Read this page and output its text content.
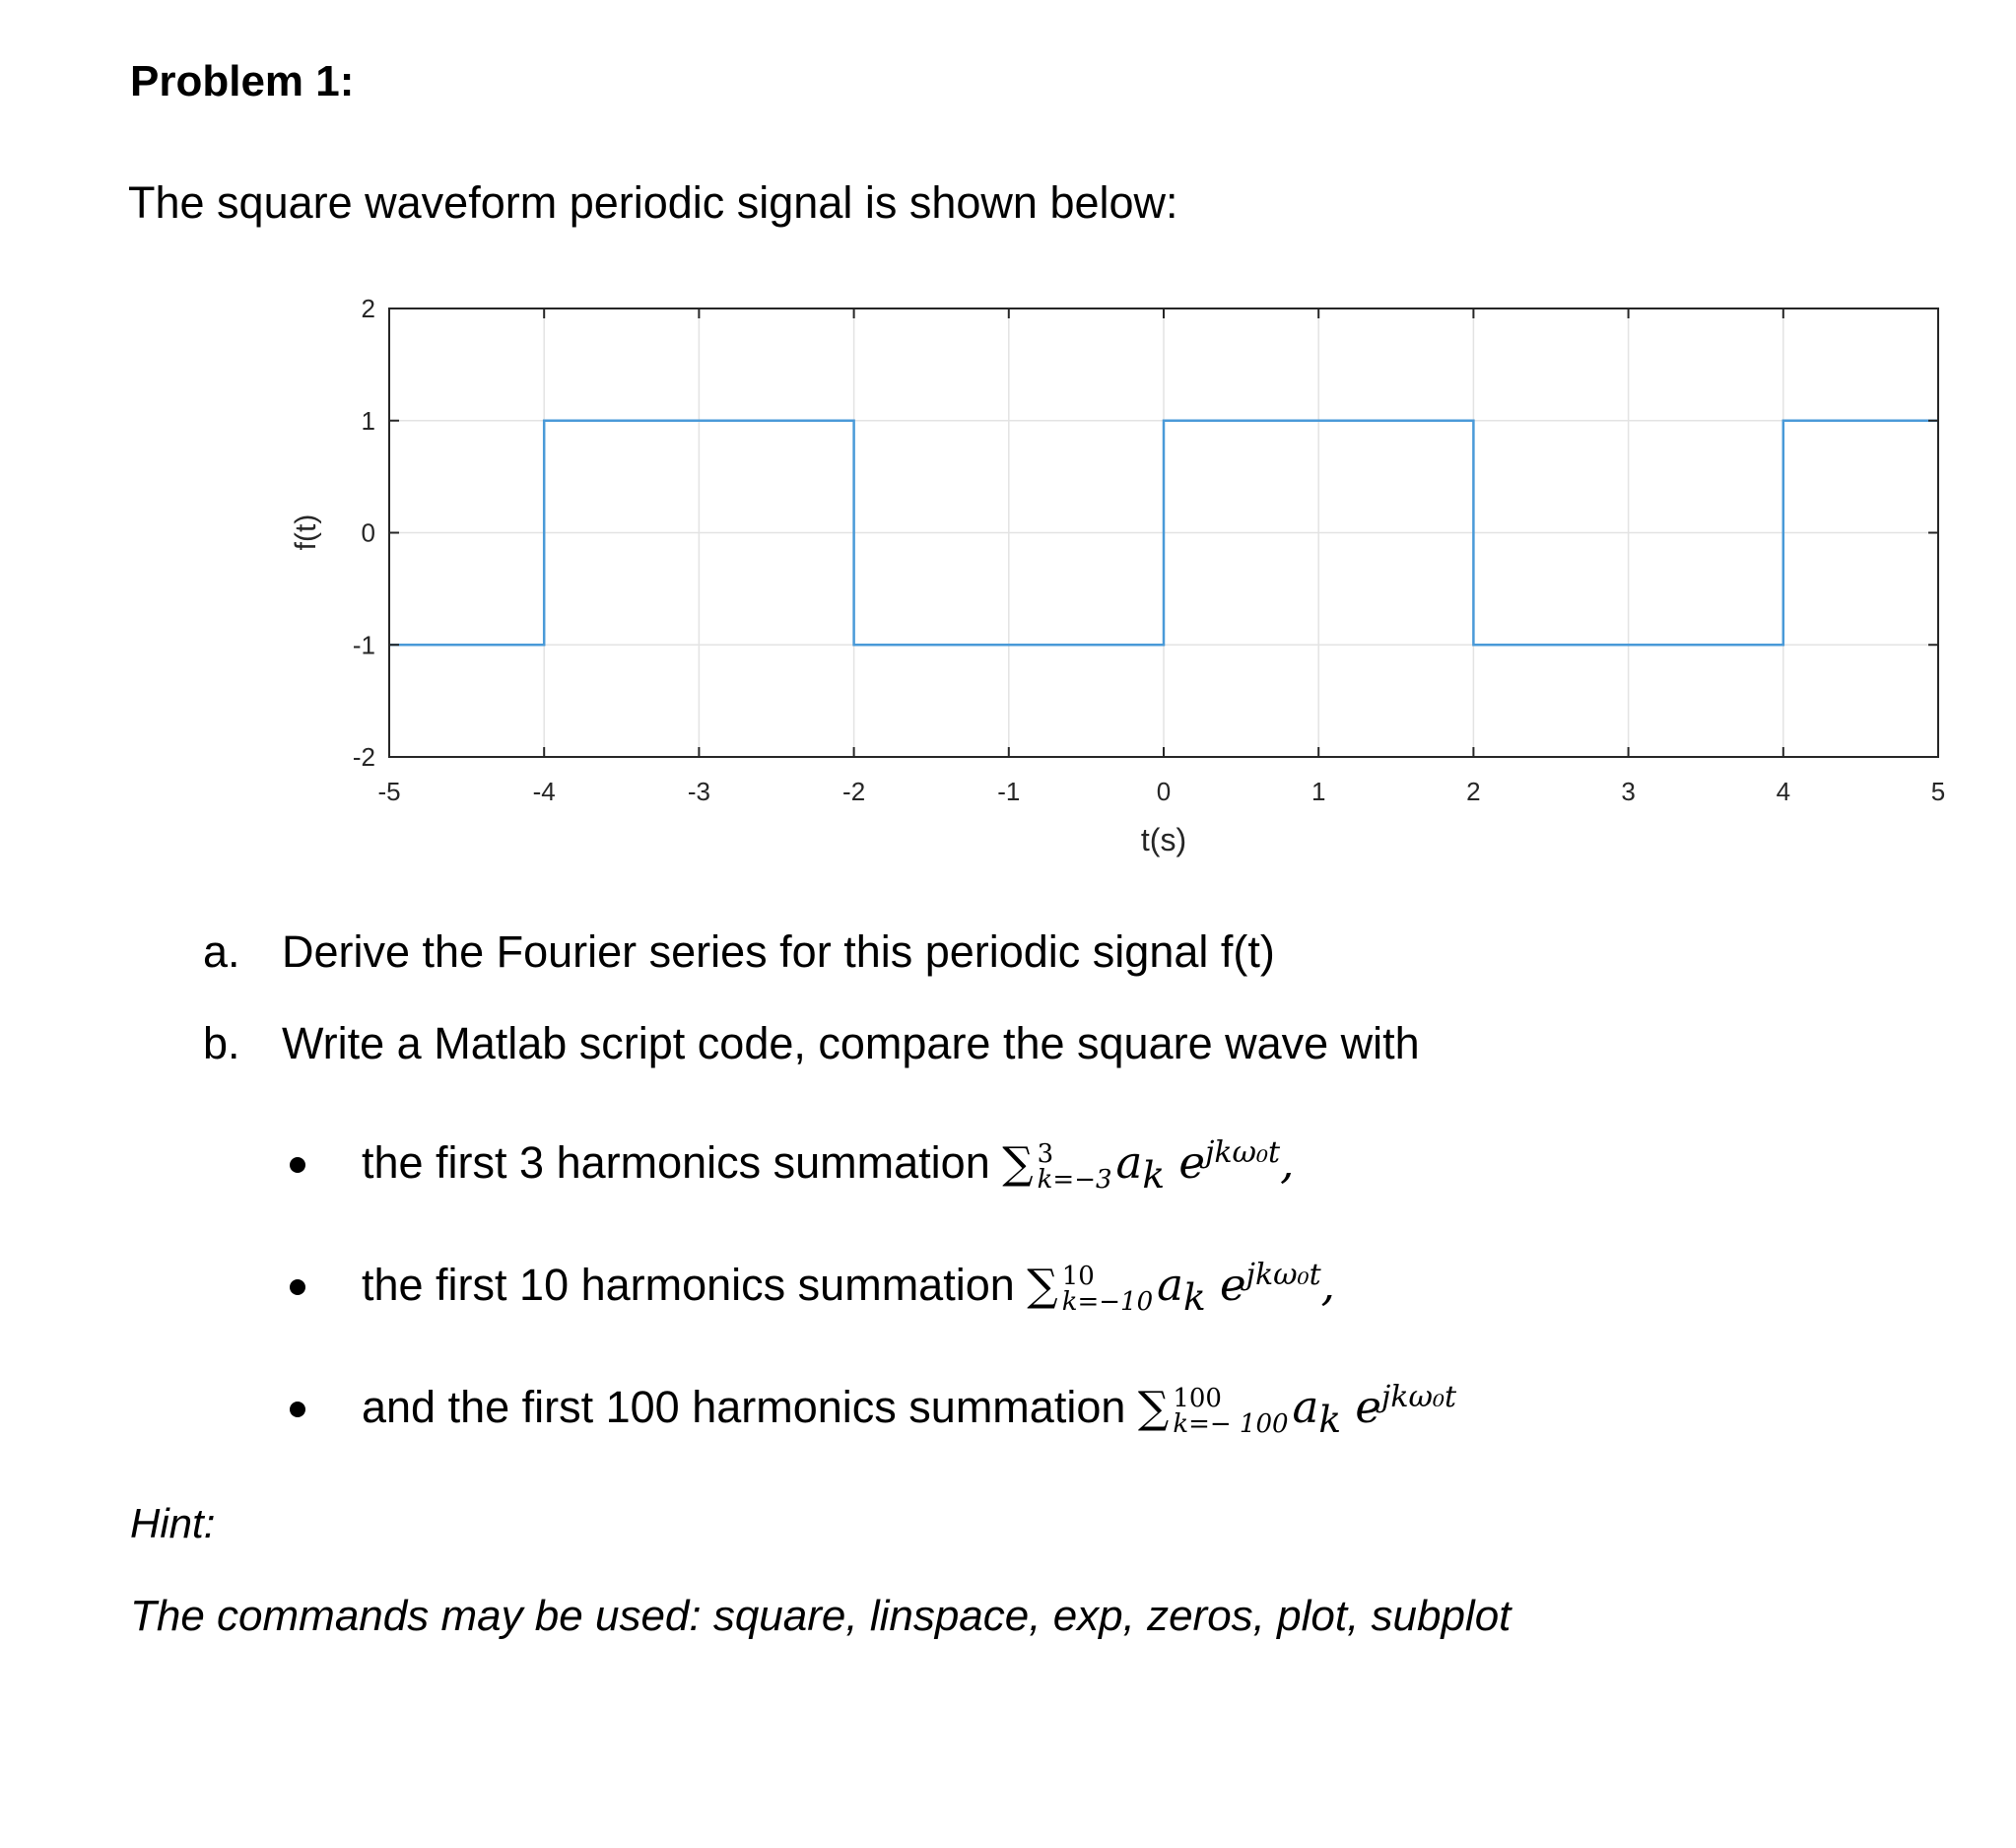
Problem 1:
The square waveform periodic signal is shown below:
-5	-4	-3	-2	-1	0	1	2	3	4	5
-2
-1
0
1
2
t(s)
f(t)
a. Derive the Fourier series for this periodic signal f(t)
b. Write a Matlab script code, compare the square wave with
the first 3 harmonics summation ∑ 3
k=−3 $a_k$ $e^{jk\omega_0t}$,
the first 10 harmonics summation ∑ 10
k=−10 $a_k$ $e^{jk\omega_0t}$,
and the first 100 harmonics summation ∑ 100
k=− 100 $a_k$ $e^{jk\omega_0t}$
Hint:
The commands may be used: square, linspace, exp, zeros, plot, subplot
